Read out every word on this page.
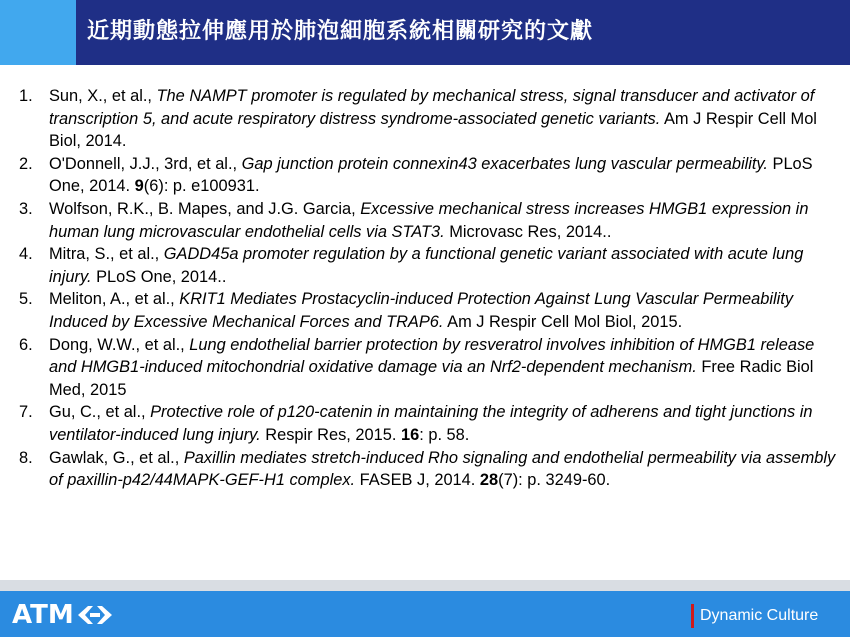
近期動態拉伸應用於肺泡細胞系統相關研究的文獻
1. Sun, X., et al., The NAMPT promoter is regulated by mechanical stress, signal transducer and activator of transcription 5, and acute respiratory distress syndrome-associated genetic variants. Am J Respir Cell Mol Biol, 2014.
2. O'Donnell, J.J., 3rd, et al., Gap junction protein connexin43 exacerbates lung vascular permeability. PLoS One, 2014. 9(6): p. e100931.
3. Wolfson, R.K., B. Mapes, and J.G. Garcia, Excessive mechanical stress increases HMGB1 expression in human lung microvascular endothelial cells via STAT3. Microvasc Res, 2014..
4. Mitra, S., et al., GADD45a promoter regulation by a functional genetic variant associated with acute lung injury. PLoS One, 2014..
5. Meliton, A., et al., KRIT1 Mediates Prostacyclin-induced Protection Against Lung Vascular Permeability Induced by Excessive Mechanical Forces and TRAP6. Am J Respir Cell Mol Biol, 2015.
6. Dong, W.W., et al., Lung endothelial barrier protection by resveratrol involves inhibition of HMGB1 release and HMGB1-induced mitochondrial oxidative damage via an Nrf2-dependent mechanism. Free Radic Biol Med, 2015
7. Gu, C., et al., Protective role of p120-catenin in maintaining the integrity of adherens and tight junctions in ventilator-induced lung injury. Respir Res, 2015. 16: p. 58.
8. Gawlak, G., et al., Paxillin mediates stretch-induced Rho signaling and endothelial permeability via assembly of paxillin-p42/44MAPK-GEF-H1 complex. FASEB J, 2014. 28(7): p. 3249-60.
ATM	Dynamic Culture
